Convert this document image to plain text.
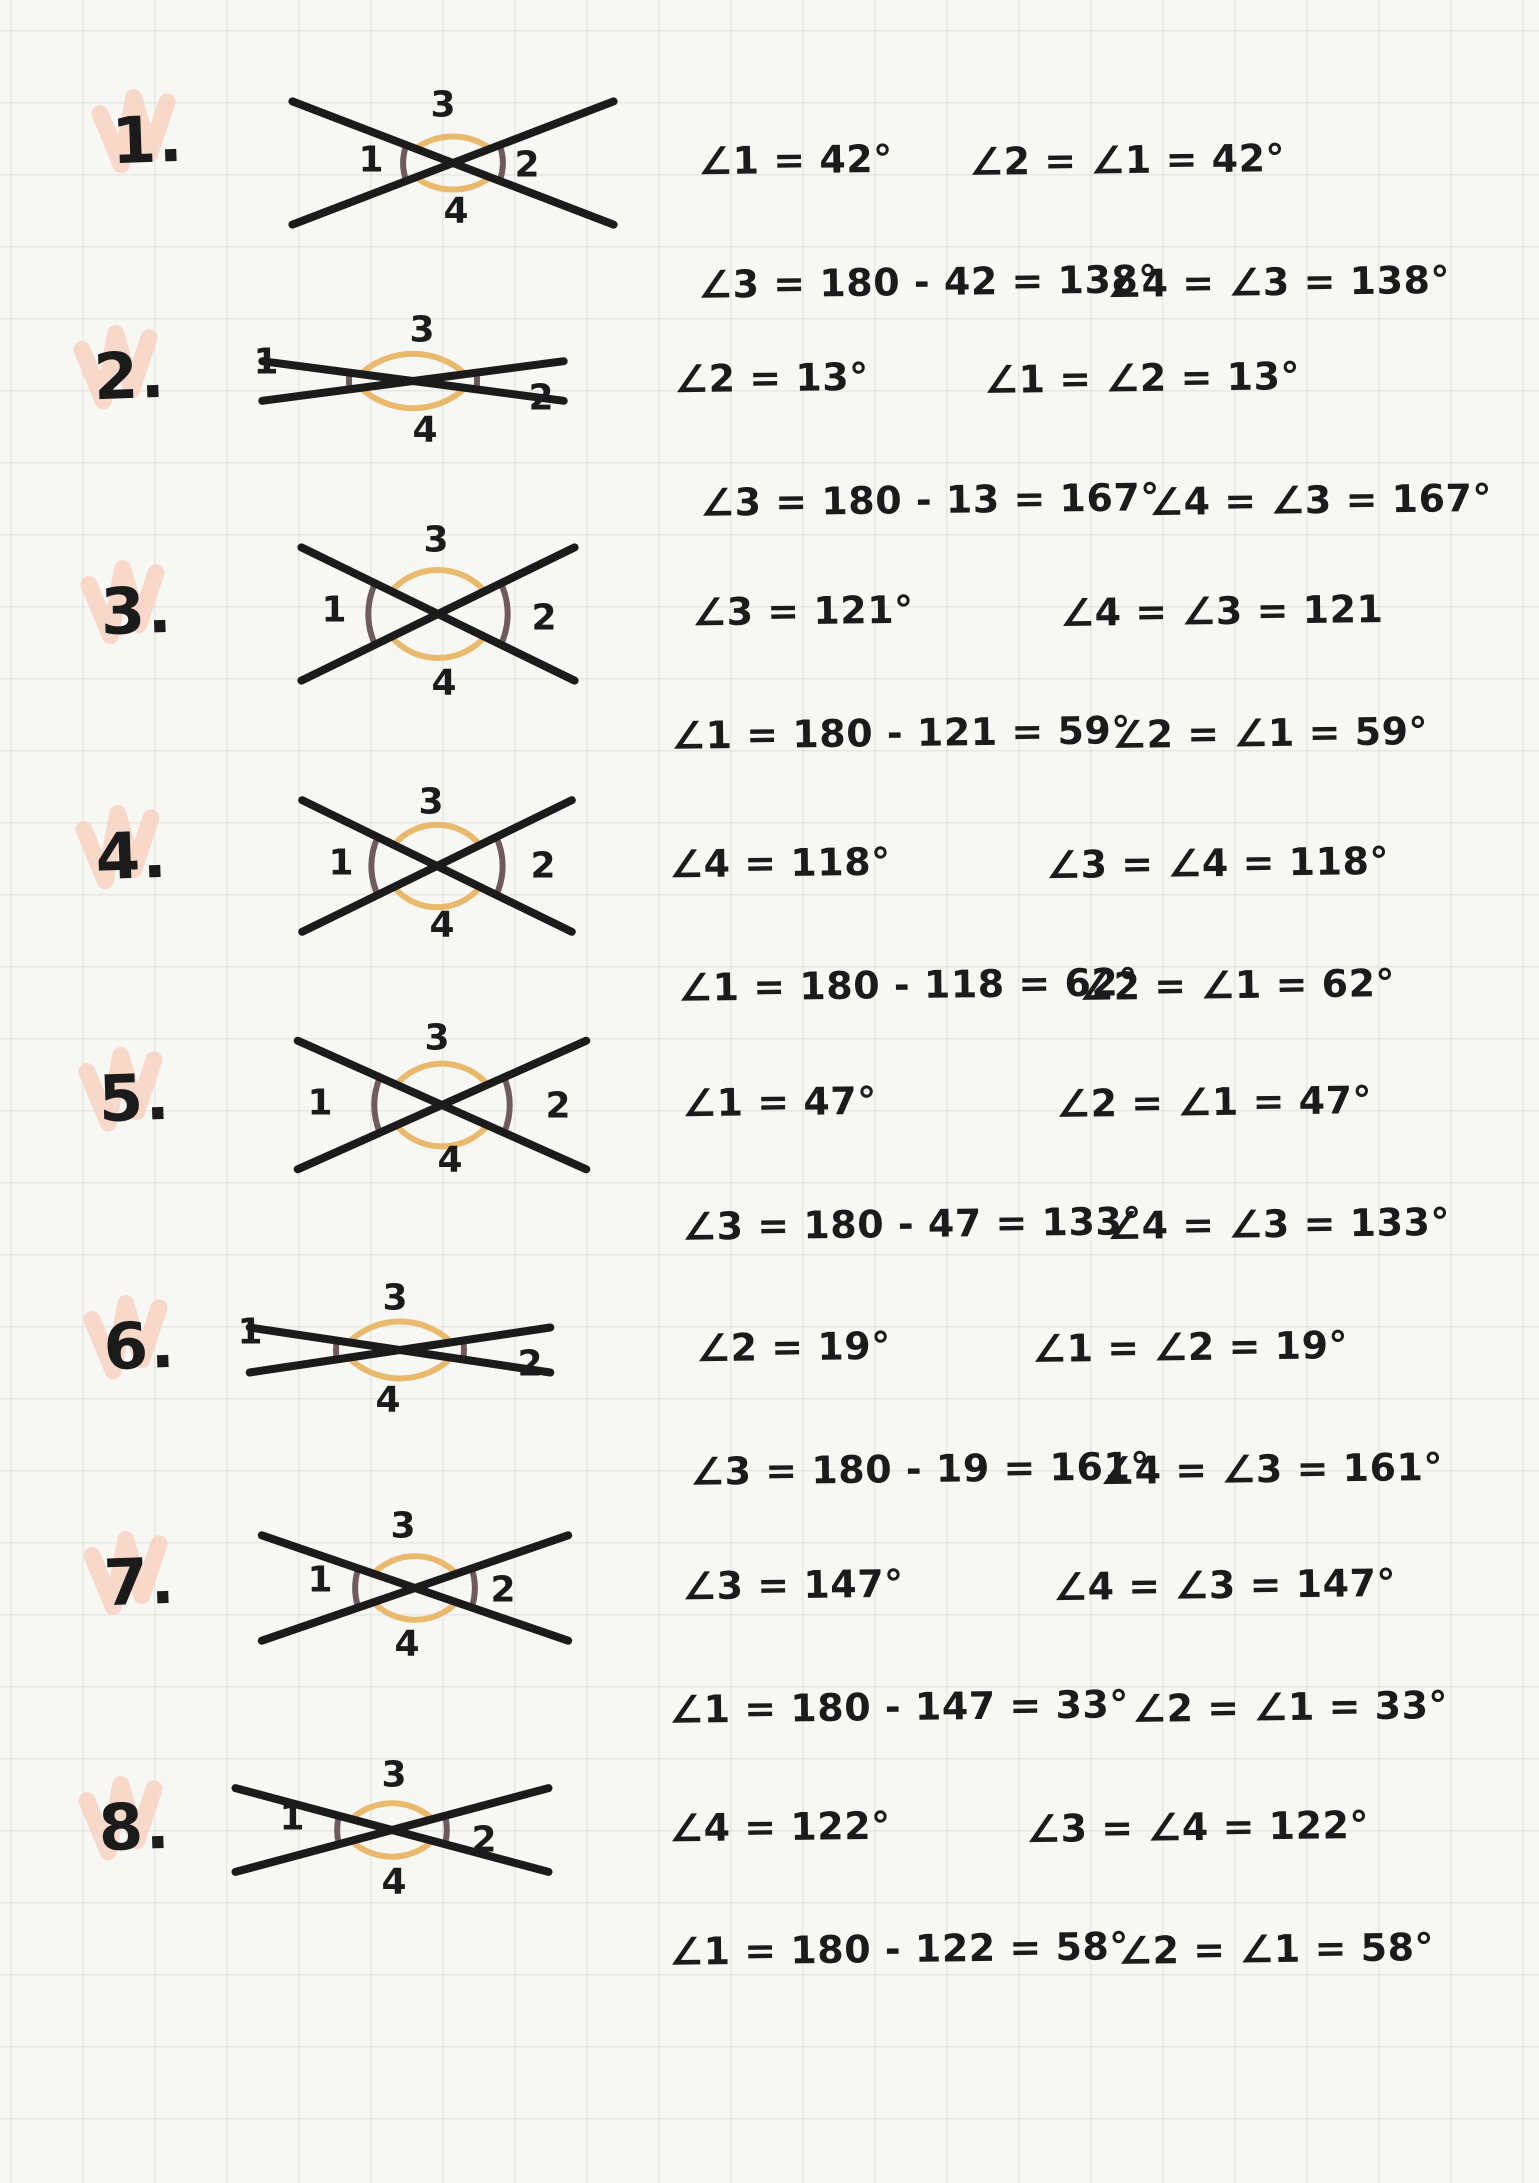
1.	1	2
3
4
∠1 = 42° ∠2 = ∠1 = 42°
∠3 = 180 - 42 = 138°
∠4 = ∠3 = 138°
2. 1
2
3
4
∠2 = 13°	∠1 = ∠2 = 13°
∠3 = 180 - 13 = 167°
∠4 = ∠3 = 167°
3.	1	2
3
4
∠3 = 121°	∠4 = ∠3 = 121
∠1 = 180 - 121 = 59°
∠2 = ∠1 = 59°
4.	1	2
3
4
∠4 = 118°	∠3 = ∠4 = 118°
∠1 = 180 - 118 = 62°
∠2 = ∠1 = 62°
5.	1	2
3
4
∠1 = 47°	∠2 = ∠1 = 47°
∠3 = 180 - 47 = 133°
∠4 = ∠3 = 133°
6. 1
2
3
4
∠2 = 19°	∠1 = ∠2 = 19°
∠3 = 180 - 19 = 161°
∠4 = ∠3 = 161°
7.	1	2
3
4
∠3 = 147°	∠4 = ∠3 = 147°
∠1 = 180 - 147 = 33° ∠2 = ∠1 = 33°
8.	1
2
3
4
∠4 = 122°	∠3 = ∠4 = 122°
∠1 = 180 - 122 = 58°
∠2 = ∠1 = 58°
